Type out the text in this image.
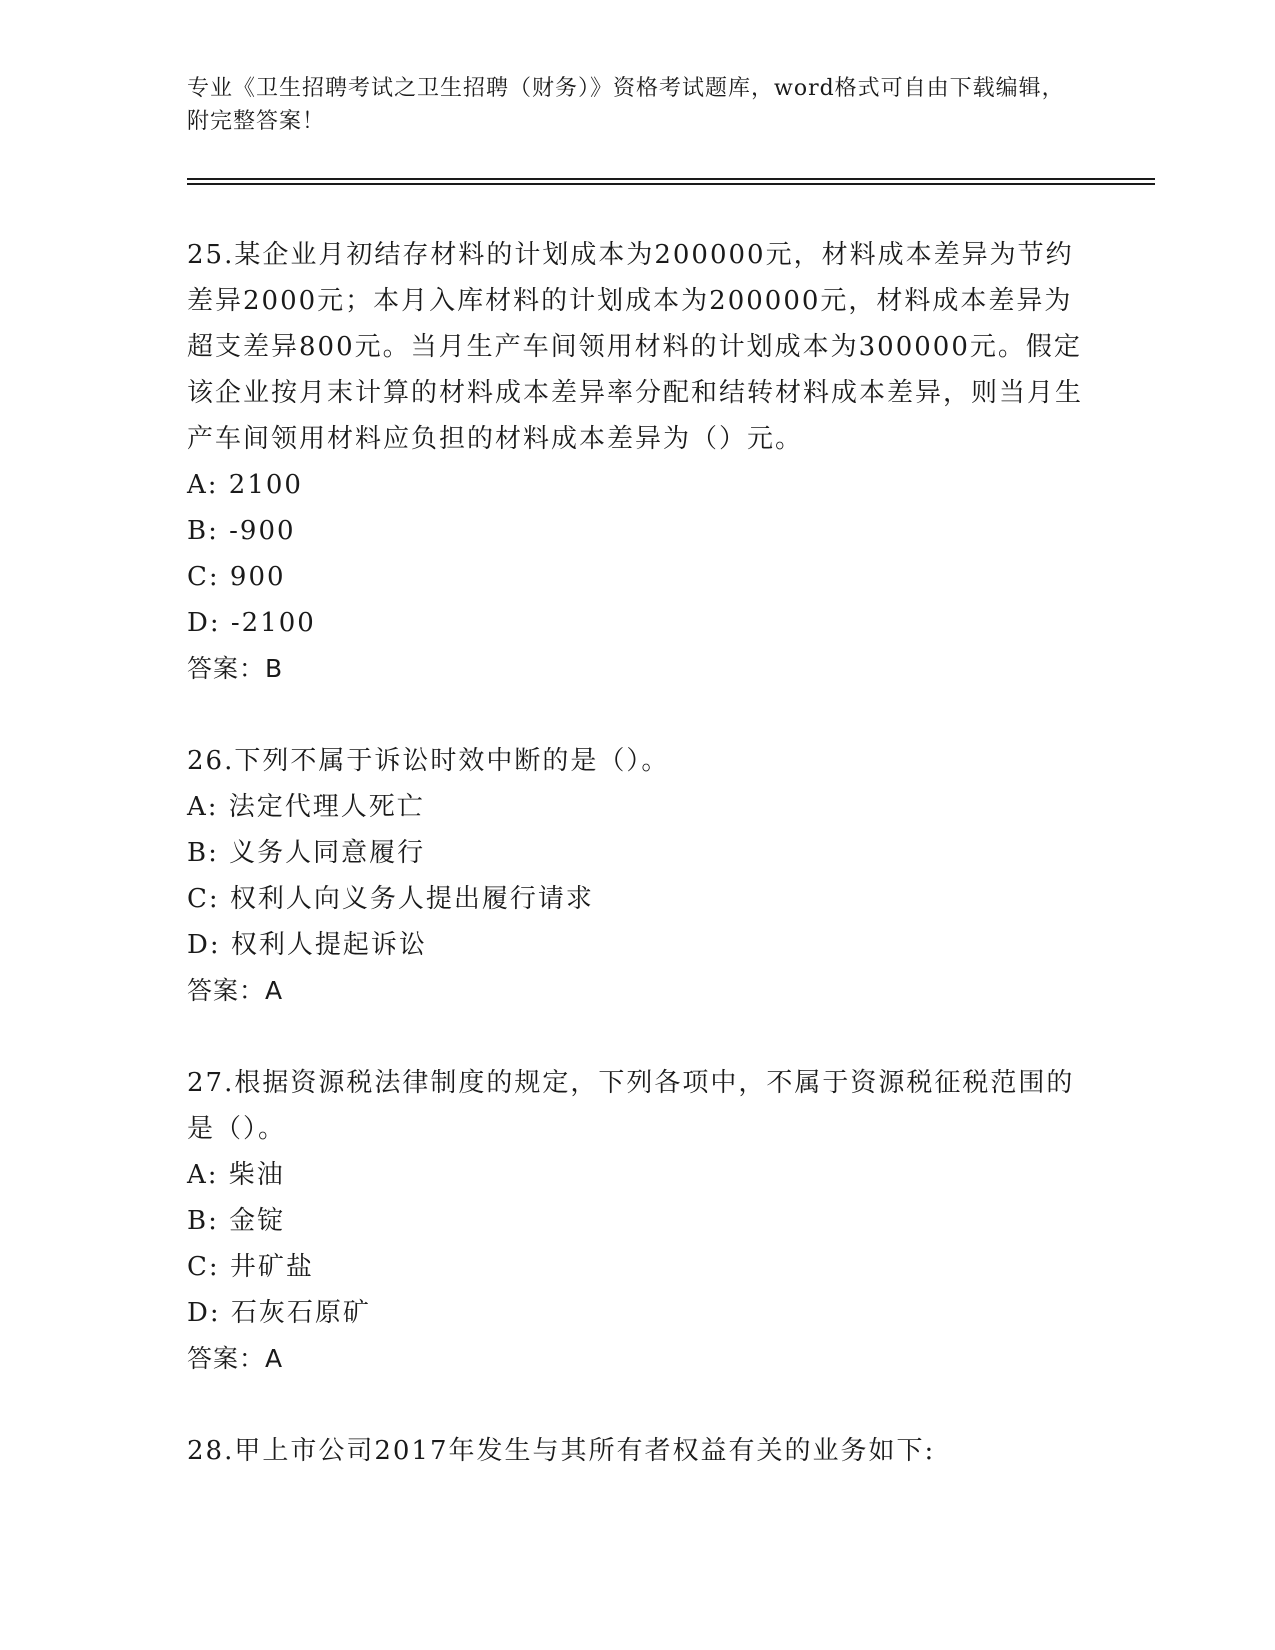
专业《卫生招聘考试之卫生招聘（财务）》资格考试题库，word格式可自由下载编辑，附完整答案！

25.某企业月初结存材料的计划成本为200000元，材料成本差异为节约差异2000元；本月入库材料的计划成本为200000元，材料成本差异为超支差异800元。当月生产车间领用材料的计划成本为300000元。假定该企业按月末计算的材料成本差异率分配和结转材料成本差异，则当月生产车间领用材料应负担的材料成本差异为（）元。

A: 2100

B: -900

C: 900

D: -2100

答案：B

26.下列不属于诉讼时效中断的是（）。

A: 法定代理人死亡

B: 义务人同意履行

C: 权利人向义务人提出履行请求

D: 权利人提起诉讼

答案：A

27.根据资源税法律制度的规定，下列各项中，不属于资源税征税范围的是（）。

A: 柴油

B: 金锭

C: 井矿盐

D: 石灰石原矿

答案：A

28.甲上市公司2017年发生与其所有者权益有关的业务如下:
